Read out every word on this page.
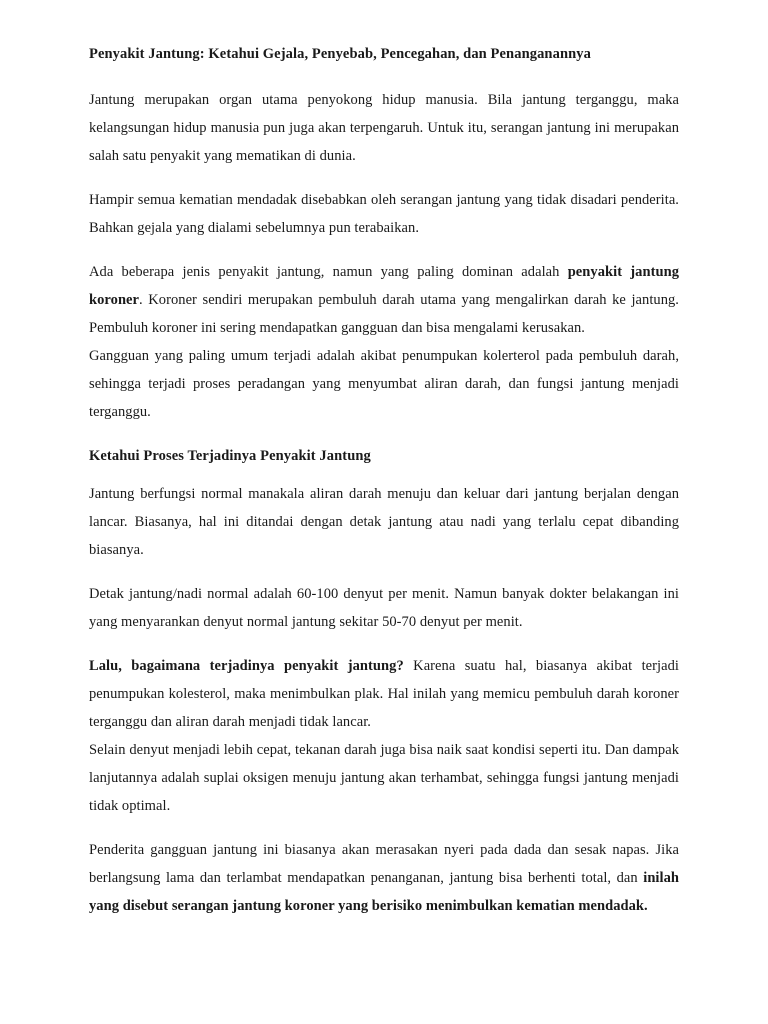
Penyakit Jantung: Ketahui Gejala, Penyebab, Pencegahan, dan Penanganannya

Jantung merupakan organ utama penyokong hidup manusia. Bila jantung terganggu, maka kelangsungan hidup manusia pun juga akan terpengaruh. Untuk itu, serangan jantung ini merupakan salah satu penyakit yang mematikan di dunia.

Hampir semua kematian mendadak disebabkan oleh serangan jantung yang tidak disadari penderita. Bahkan gejala yang dialami sebelumnya pun terabaikan.

Ada beberapa jenis penyakit jantung, namun yang paling dominan adalah penyakit jantung koroner. Koroner sendiri merupakan pembuluh darah utama yang mengalirkan darah ke jantung. Pembuluh koroner ini sering mendapatkan gangguan dan bisa mengalami kerusakan.

Gangguan yang paling umum terjadi adalah akibat penumpukan kolerterol pada pembuluh darah, sehingga terjadi proses peradangan yang menyumbat aliran darah, dan fungsi jantung menjadi terganggu.

Ketahui Proses Terjadinya Penyakit Jantung

Jantung berfungsi normal manakala aliran darah menuju dan keluar dari jantung berjalan dengan lancar. Biasanya, hal ini ditandai dengan detak jantung atau nadi yang terlalu cepat dibanding biasanya.

Detak jantung/nadi normal adalah 60-100 denyut per menit. Namun banyak dokter belakangan ini yang menyarankan denyut normal jantung sekitar 50-70 denyut per menit.

Lalu, bagaimana terjadinya penyakit jantung? Karena suatu hal, biasanya akibat terjadi penumpukan kolesterol, maka menimbulkan plak. Hal inilah yang memicu pembuluh darah koroner terganggu dan aliran darah menjadi tidak lancar.

Selain denyut menjadi lebih cepat, tekanan darah juga bisa naik saat kondisi seperti itu. Dan dampak lanjutannya adalah suplai oksigen menuju jantung akan terhambat, sehingga fungsi jantung menjadi tidak optimal.

Penderita gangguan jantung ini biasanya akan merasakan nyeri pada dada dan sesak napas. Jika berlangsung lama dan terlambat mendapatkan penanganan, jantung bisa berhenti total, dan inilah yang disebut serangan jantung koroner yang berisiko menimbulkan kematian mendadak.
